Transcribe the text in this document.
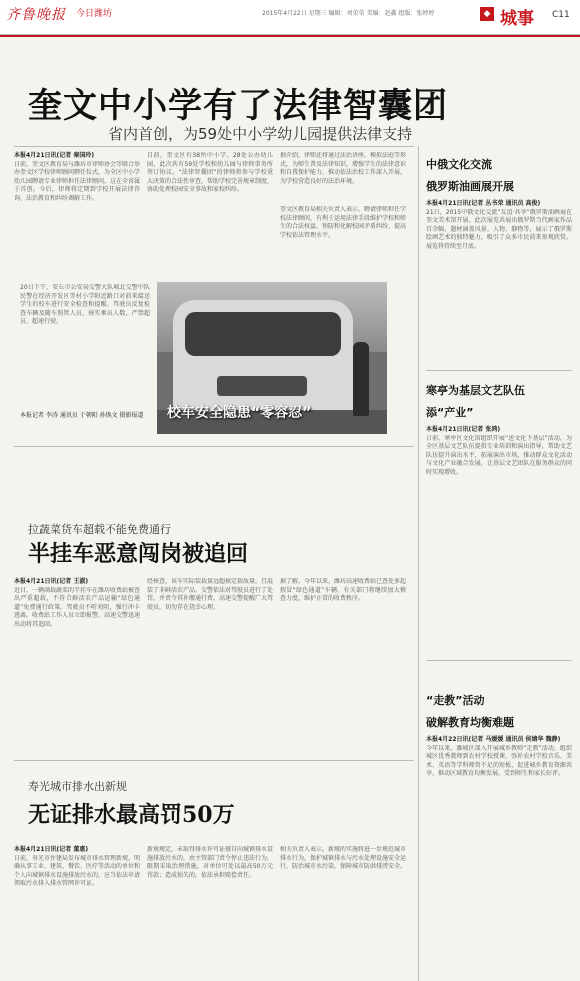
齐鲁晚报 今日潍坊	2015年4月22日 星期三 编辑：刘荣荣 美编：赵鑫 组版：张婷婷	◆ 城事 C11
奎文中小学有了法律智囊团
省内首创，为59处中小学幼儿园提供法律支持
本报4月21日讯(记者 秦国玲)
日前，奎文区教育局与潍坊市律师协会等联合举办奎文区学校律师顾问聘任仪式，为全区中小学幼儿园聘请专业律师担任法律顾问，这在全省属于首创。今后，律师将定期到学校开展法律咨询、法治教育和纠纷调解工作。
目前，奎文区有38所中小学、28处公办幼儿园，此次共有59处学校和幼儿园与律师事务所签订协议。“法律智囊团”的律师将参与学校重大决策的合法性审查，帮助学校完善规章制度，协助处理校园安全事故和家校纠纷。
据介绍，律师还将通过法治讲座、模拟法庭等形式，为师生普及法律知识，增强学生的法律意识和自我保护能力，推动依法治校工作深入开展，为学校营造良好的法治环境。
奎文区教育局相关负责人表示，聘请律师担任学校法律顾问，有利于运用法律手段维护学校和师生的合法权益，预防和化解校园矛盾纠纷，提高学校依法管理水平。
20日下午，安丘市公安局交警大队城北交警中队民警在经济开发区等村小学附近路口对前来接送学生的校车进行安全检查和提醒。驾驶员反复检查车辆及随车照管人员，核实乘员人数，严禁超员、超速行驶。
本报记者 李涛 通讯员 于朝阳 孙焕文 摄影报道	校车安全隐患“零容忍”
中俄文化交流
俄罗斯油画展开展
本报4月21日讯(记者 丛书荣 通讯员 高俊)
21日，2015中俄文化交流“友谊·共享”俄罗斯油画展在奎文美术馆开展。此次展览共展出俄罗斯当代画家作品百余幅，题材涵盖风景、人物、静物等，展示了俄罗斯绘画艺术的独特魅力，吸引了众多市民前来参观欣赏。展览将持续至月底。
寒亭为基层文艺队伍
添“产业”
本报4月21日讯(记者 张鸿)
日前，寒亭区文化馆组织开展“送文化下基层”活动，为全区基层文艺队伍提供专业培训和演出指导，帮助文艺队伍提升演出水平，拓展演出市场，推动群众文化活动与文化产业融合发展，让基层文艺团队在服务群众的同时实现增收。
“走教”活动
破解教育均衡难题
本报4月22日讯(记者 马媛媛 通讯员 侯婧华 魏静)
今年以来，潍城区深入开展城乡教师“走教”活动，组织城区优秀教师到农村学校授课，弥补农村学校音乐、美术、英语等学科师资不足的短板，促进城乡教育资源共享，推动区域教育均衡发展，受到师生和家长好评。
拉蔬菜货车超载不能免费通行
半挂车恶意闯岗被追回
本报4月21日讯(记者 王淑)
近日，一辆满载蔬菜的半挂车在潍坊收费站被查出严重超载，不符合鲜活农产品运输“绿色通道”免费通行政策。驾驶员不听劝阻，强行冲卡逃离。收费站工作人员立即报警，高速交警迅速出动将其追回。
经核查，该车实际装载量远超核定载质量，且混装了非鲜活农产品。交警依法对驾驶员进行了处罚，并责令其补缴通行费。高速交警提醒广大驾驶员，切勿存在侥幸心理。
据了解，今年以来，潍坊高速收费站已查处多起假冒“绿色通道”车辆，有关部门将继续加大稽查力度，维护正常的收费秩序。
寿光城市排水出新规
无证排水最高罚50万
本报4月21日讯(记者 董惠)
日前，寿光市住建局发布城市排水管理新规，明确从事工业、建筑、餐饮、医疗等活动的单位和个人向城镇排水设施排放污水的，应当依法申请领取污水排入排水管网许可证。
新规规定，未取得排水许可证擅自向城镇排水设施排放污水的，由主管部门责令停止违法行为，限期采取治理措施，对单位可处以最高50万元罚款；造成损失的，依法承担赔偿责任。
相关负责人表示，新规的实施将进一步规范城市排水行为，保护城镇排水与污水处理设施安全运行，防治城市水污染，保障城市防洪排涝安全。
